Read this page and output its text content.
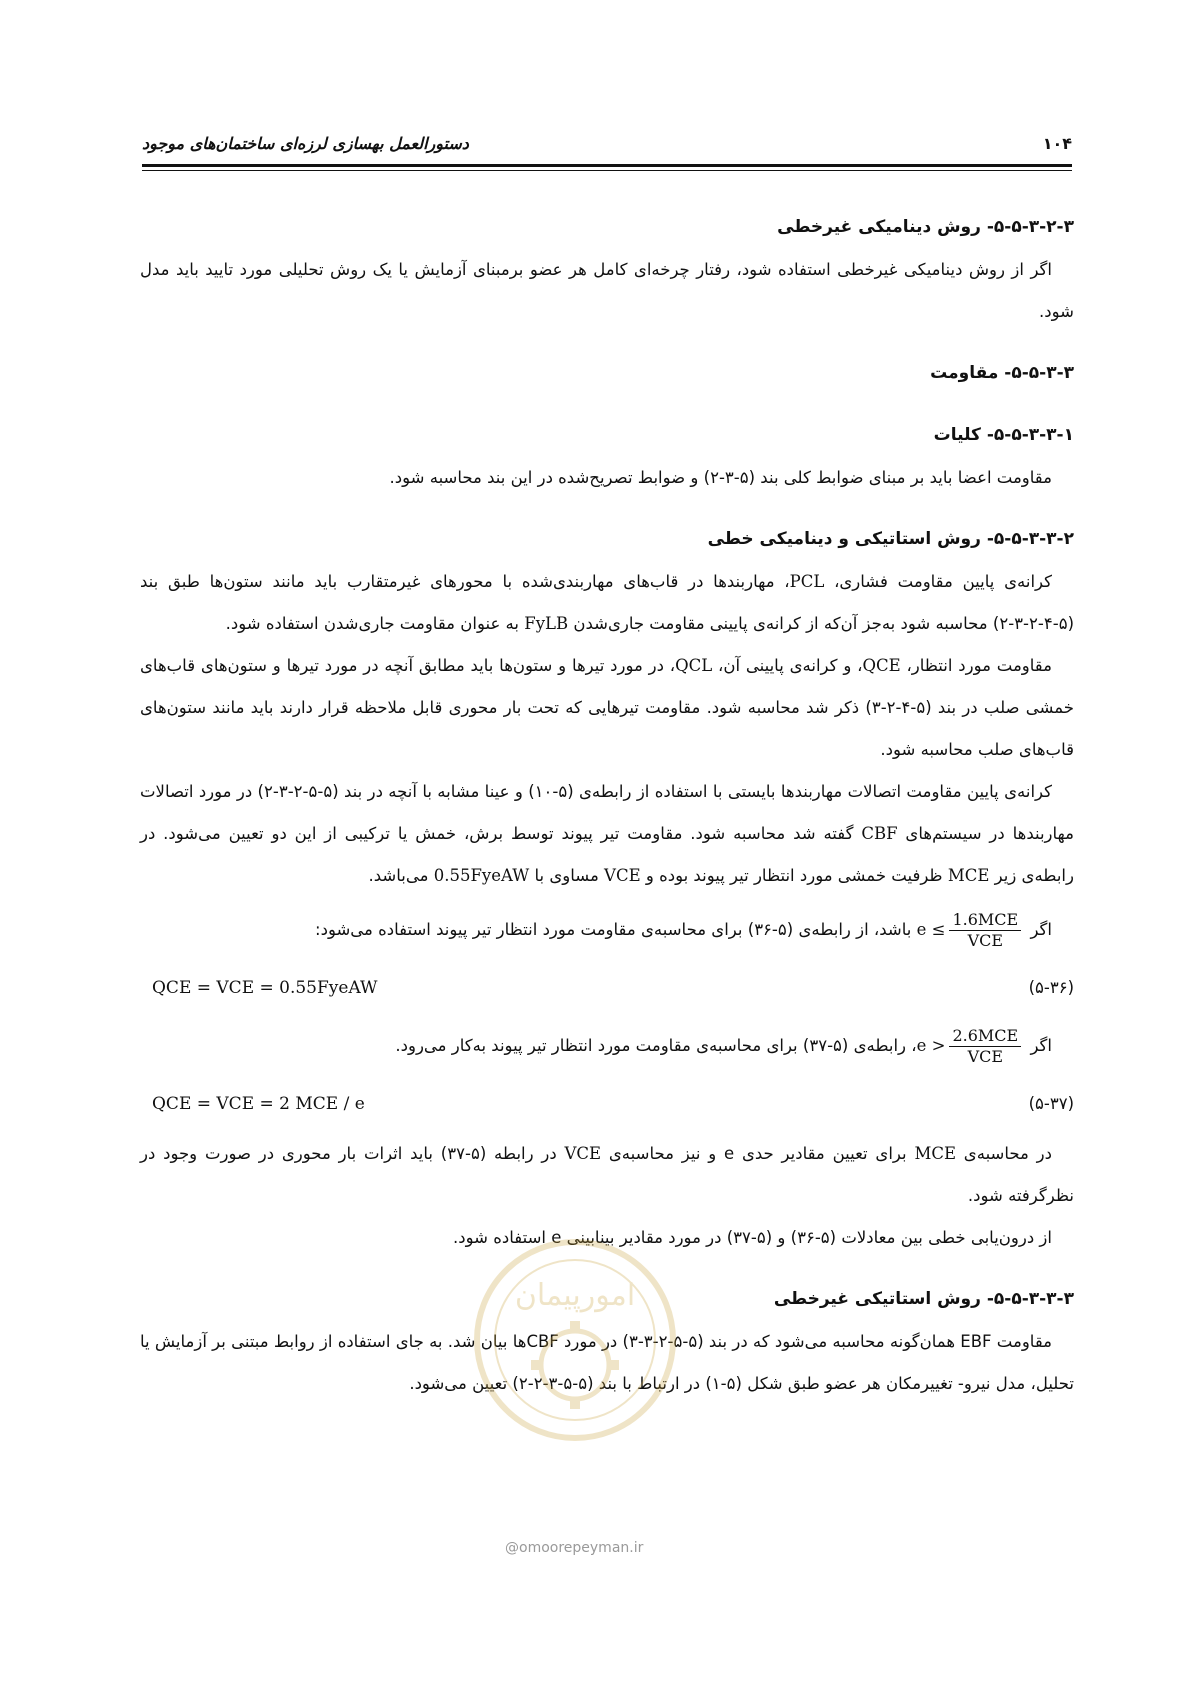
۱۰۴
دستورالعمل بهسازی لرزه‌ای ساختمان‌های موجود

۵-۵-۳-۲-۳- روش دینامیکی غیرخطی

اگر از روش دینامیکی غیرخطی استفاده شود، رفتار چرخه‌ای کامل هر عضو برمبنای آزمایش یا یک روش تحلیلی مورد تایید باید مدل شود.

۵-۵-۳-۳- مقاومت

۵-۵-۳-۳-۱- کلیات

مقاومت اعضا باید بر مبنای ضوابط کلی بند (۵-۳-۲) و ضوابط تصریح‌شده در این بند محاسبه شود.

۵-۵-۳-۳-۲- روش استاتیکی و دینامیکی خطی

کرانه‌ی پایین مقاومت فشاری، PCL، مهاربندها در قاب‌های مهاربندی‌شده با محورهای غیرمتقارب باید مانند ستون‌ها طبق بند (۵-۴-۲-۳-۲) محاسبه شود به‌جز آن‌که از کرانه‌ی پایینی مقاومت جاری‌شدن FyLB به عنوان مقاومت جاری‌شدن استفاده شود.

مقاومت مورد انتظار، QCE، و کرانه‌ی پایینی آن، QCL، در مورد تیرها و ستون‌ها باید مطابق آنچه در مورد تیرها و ستون‌های قاب‌های خمشی صلب در بند (۵-۴-۲-۳) ذکر شد محاسبه شود. مقاومت تیرهایی که تحت بار محوری قابل ملاحظه قرار دارند باید مانند ستون‌های قاب‌های صلب محاسبه شود.

کرانه‌ی پایین مقاومت اتصالات مهاربندها بایستی با استفاده از رابطه‌ی (۵-۱۰) و عینا مشابه با آنچه در بند (۵-۵-۲-۳-۲) در مورد اتصالات مهاربندها در سیستم‌های CBF گفته شد محاسبه شود. مقاومت تیر پیوند توسط برش، خمش یا ترکیبی از این دو تعیین می‌شود. در رابطه‌ی زیر MCE ظرفیت خمشی مورد انتظار تیر پیوند بوده و VCE مساوی با 0.55FyeAW می‌باشد.

اگر
$\frac{\text{1.6MCE}}{\text{VCE}}$
e ≤ باشد، از رابطه‌ی (۵-۳۶) برای محاسبه‌ی مقاومت مورد انتظار تیر پیوند استفاده می‌شود:
(۵-۳۶)
QCE = VCE = 0.55FyeAW
اگر
$\frac{\text{2.6MCE}}{\text{VCE}}$
e >، رابطه‌ی (۵-۳۷) برای محاسبه‌ی مقاومت مورد انتظار تیر پیوند به‌کار می‌رود.
(۵-۳۷)
QCE = VCE = 2 MCE / e

در محاسبه‌ی MCE برای تعیین مقادیر حدی e و نیز محاسبه‌ی VCE در رابطه (۵-۳۷) باید اثرات بار محوری در صورت وجود در نظرگرفته شود.

از درون‌یابی خطی بین معادلات (۵-۳۶) و (۵-۳۷) در مورد مقادیر بینابینی e استفاده شود.

۵-۵-۳-۳-۳- روش استاتیکی غیرخطی

مقاومت EBF همان‌گونه محاسبه می‌شود که در بند (۵-۵-۲-۳-۳) در مورد CBFها بیان شد. به جای استفاده از روابط مبتنی بر آزمایش یا تحلیل، مدل نیرو- تغییرمکان هر عضو طبق شکل (۵-۱) در ارتباط با بند (۵-۵-۳-۲-۲) تعیین می‌شود.

امورپیمان
@omoorepeyman.ir
